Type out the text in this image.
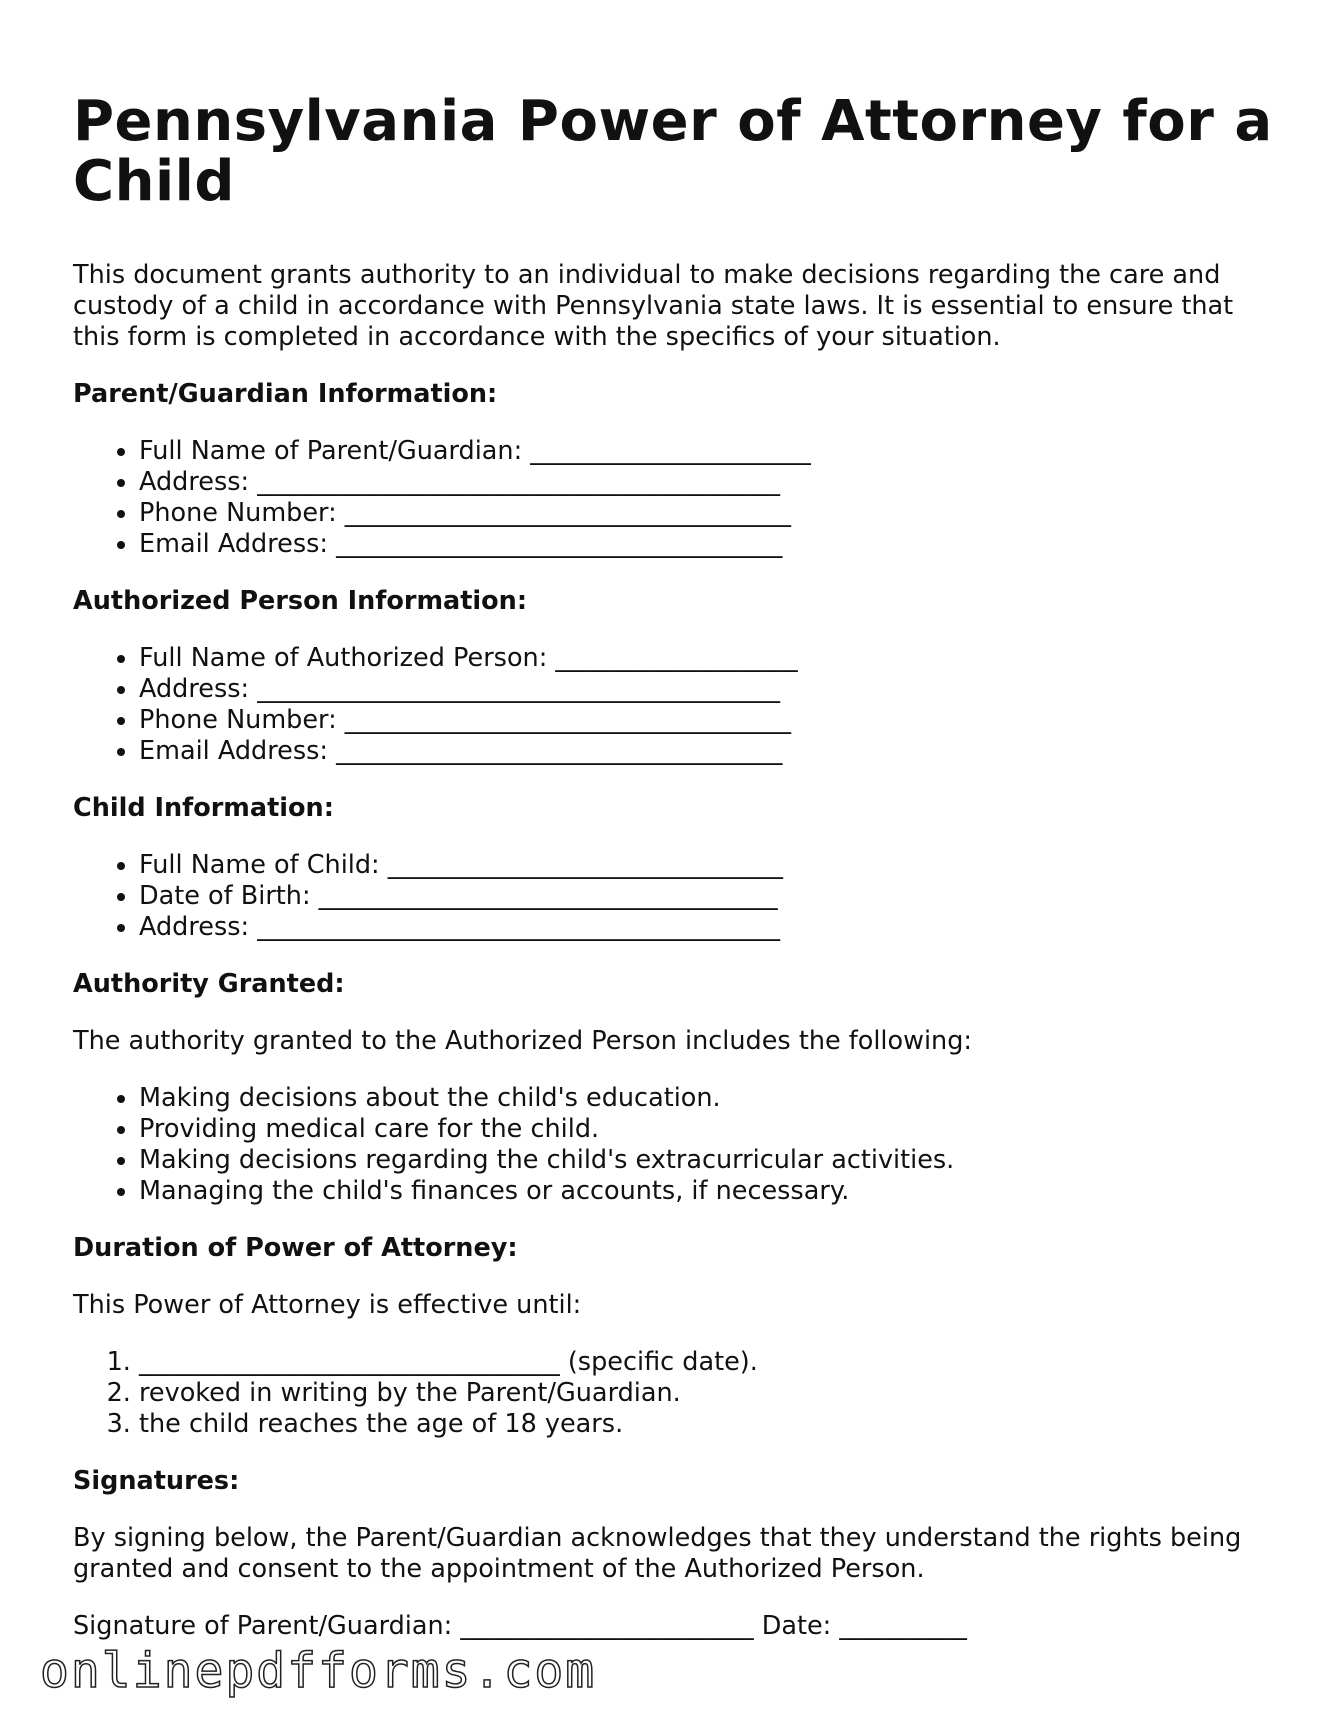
Pennsylvania Power of Attorney for a Child

This document grants authority to an individual to make decisions regarding the care and custody of a child in accordance with Pennsylvania state laws. It is essential to ensure that this form is completed in accordance with the specifics of your situation.

Parent/Guardian Information:
• Full Name of Parent/Guardian: ______________________
• Address: _________________________________________
• Phone Number: ___________________________________
• Email Address: ___________________________________
Authorized Person Information:
• Full Name of Authorized Person: ___________________
• Address: _________________________________________
• Phone Number: ___________________________________
• Email Address: ___________________________________
Child Information:
• Full Name of Child: _______________________________
• Date of Birth: ____________________________________
• Address: _________________________________________
Authority Granted:

The authority granted to the Authorized Person includes the following:

• Making decisions about the child's education.
• Providing medical care for the child.
• Making decisions regarding the child's extracurricular activities.
• Managing the child's finances or accounts, if necessary.
Duration of Power of Attorney:

This Power of Attorney is effective until:

1. _________________________________ (specific date).
2. revoked in writing by the Parent/Guardian.
3. the child reaches the age of 18 years.
Signatures:

By signing below, the Parent/Guardian acknowledges that they understand the rights being granted and consent to the appointment of the Authorized Person.

Signature of Parent/Guardian: _______________________ Date: __________
onlinepdfforms.com
